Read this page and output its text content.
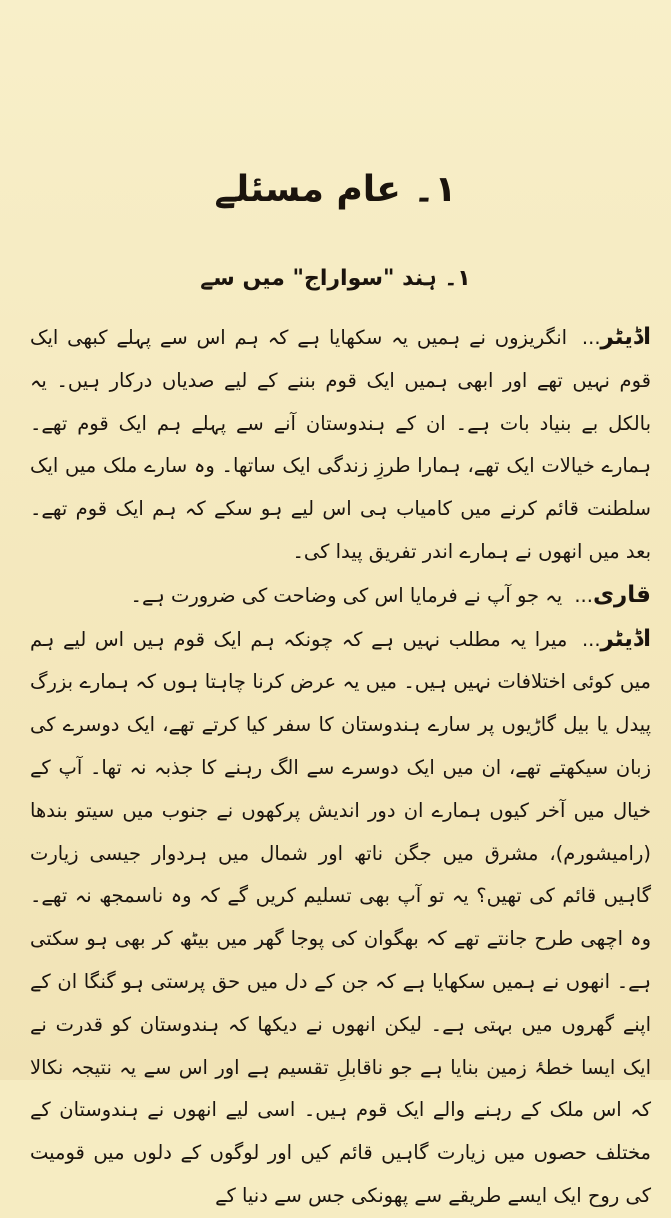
۱۔ عام مسئلے
۱۔ ہند "سواراج" میں سے

اڈیٹر... انگریزوں نے ہمیں یہ سکھایا ہے کہ ہم اس سے پہلے کبھی ایک قوم نہیں تھے اور ابھی ہمیں ایک قوم بننے کے لیے صدیاں درکار ہیں۔ یہ بالکل بے بنیاد بات ہے۔ ان کے ہندوستان آنے سے پہلے ہم ایک قوم تھے۔ ہمارے خیالات ایک تھے، ہمارا طرزِ زندگی ایک ساتھا۔ وہ سارے ملک میں ایک سلطنت قائم کرنے میں کامیاب ہی اس لیے ہو سکے کہ ہم ایک قوم تھے۔ بعد میں انھوں نے ہمارے اندر تفریق پیدا کی۔

قاری... یہ جو آپ نے فرمایا اس کی وضاحت کی ضرورت ہے۔

اڈیٹر... میرا یہ مطلب نہیں ہے کہ چونکہ ہم ایک قوم ہیں اس لیے ہم میں کوئی اختلافات نہیں ہیں۔ میں یہ عرض کرنا چاہتا ہوں کہ ہمارے بزرگ پیدل یا بیل گاڑیوں پر سارے ہندوستان کا سفر کیا کرتے تھے، ایک دوسرے کی زبان سیکھتے تھے، ان میں ایک دوسرے سے الگ رہنے کا جذبہ نہ تھا۔ آپ کے خیال میں آخر کیوں ہمارے ان دور اندیش پرکھوں نے جنوب میں سیتو بندھا (رامیشورم)، مشرق میں جگن ناتھ اور شمال میں ہردوار جیسی زیارت گاہیں قائم کی تھیں؟ یہ تو آپ بھی تسلیم کریں گے کہ وہ ناسمجھ نہ تھے۔ وہ اچھی طرح جانتے تھے کہ بھگوان کی پوجا گھر میں بیٹھ کر بھی ہو سکتی ہے۔ انھوں نے ہمیں سکھایا ہے کہ جن کے دل میں حق پرستی ہو گنگا ان کے اپنے گھروں میں بہتی ہے۔ لیکن انھوں نے دیکھا کہ ہندوستان کو قدرت نے ایک ایسا خطۂ زمین بنایا ہے جو ناقابلِ تقسیم ہے اور اس سے یہ نتیجہ نکالا کہ اس ملک کے رہنے والے ایک قوم ہیں۔ اسی لیے انھوں نے ہندوستان کے مختلف حصوں میں زیارت گاہیں قائم کیں اور لوگوں کے دلوں میں قومیت کی روح ایک ایسے طریقے سے پھونکی جس سے دنیا کے
